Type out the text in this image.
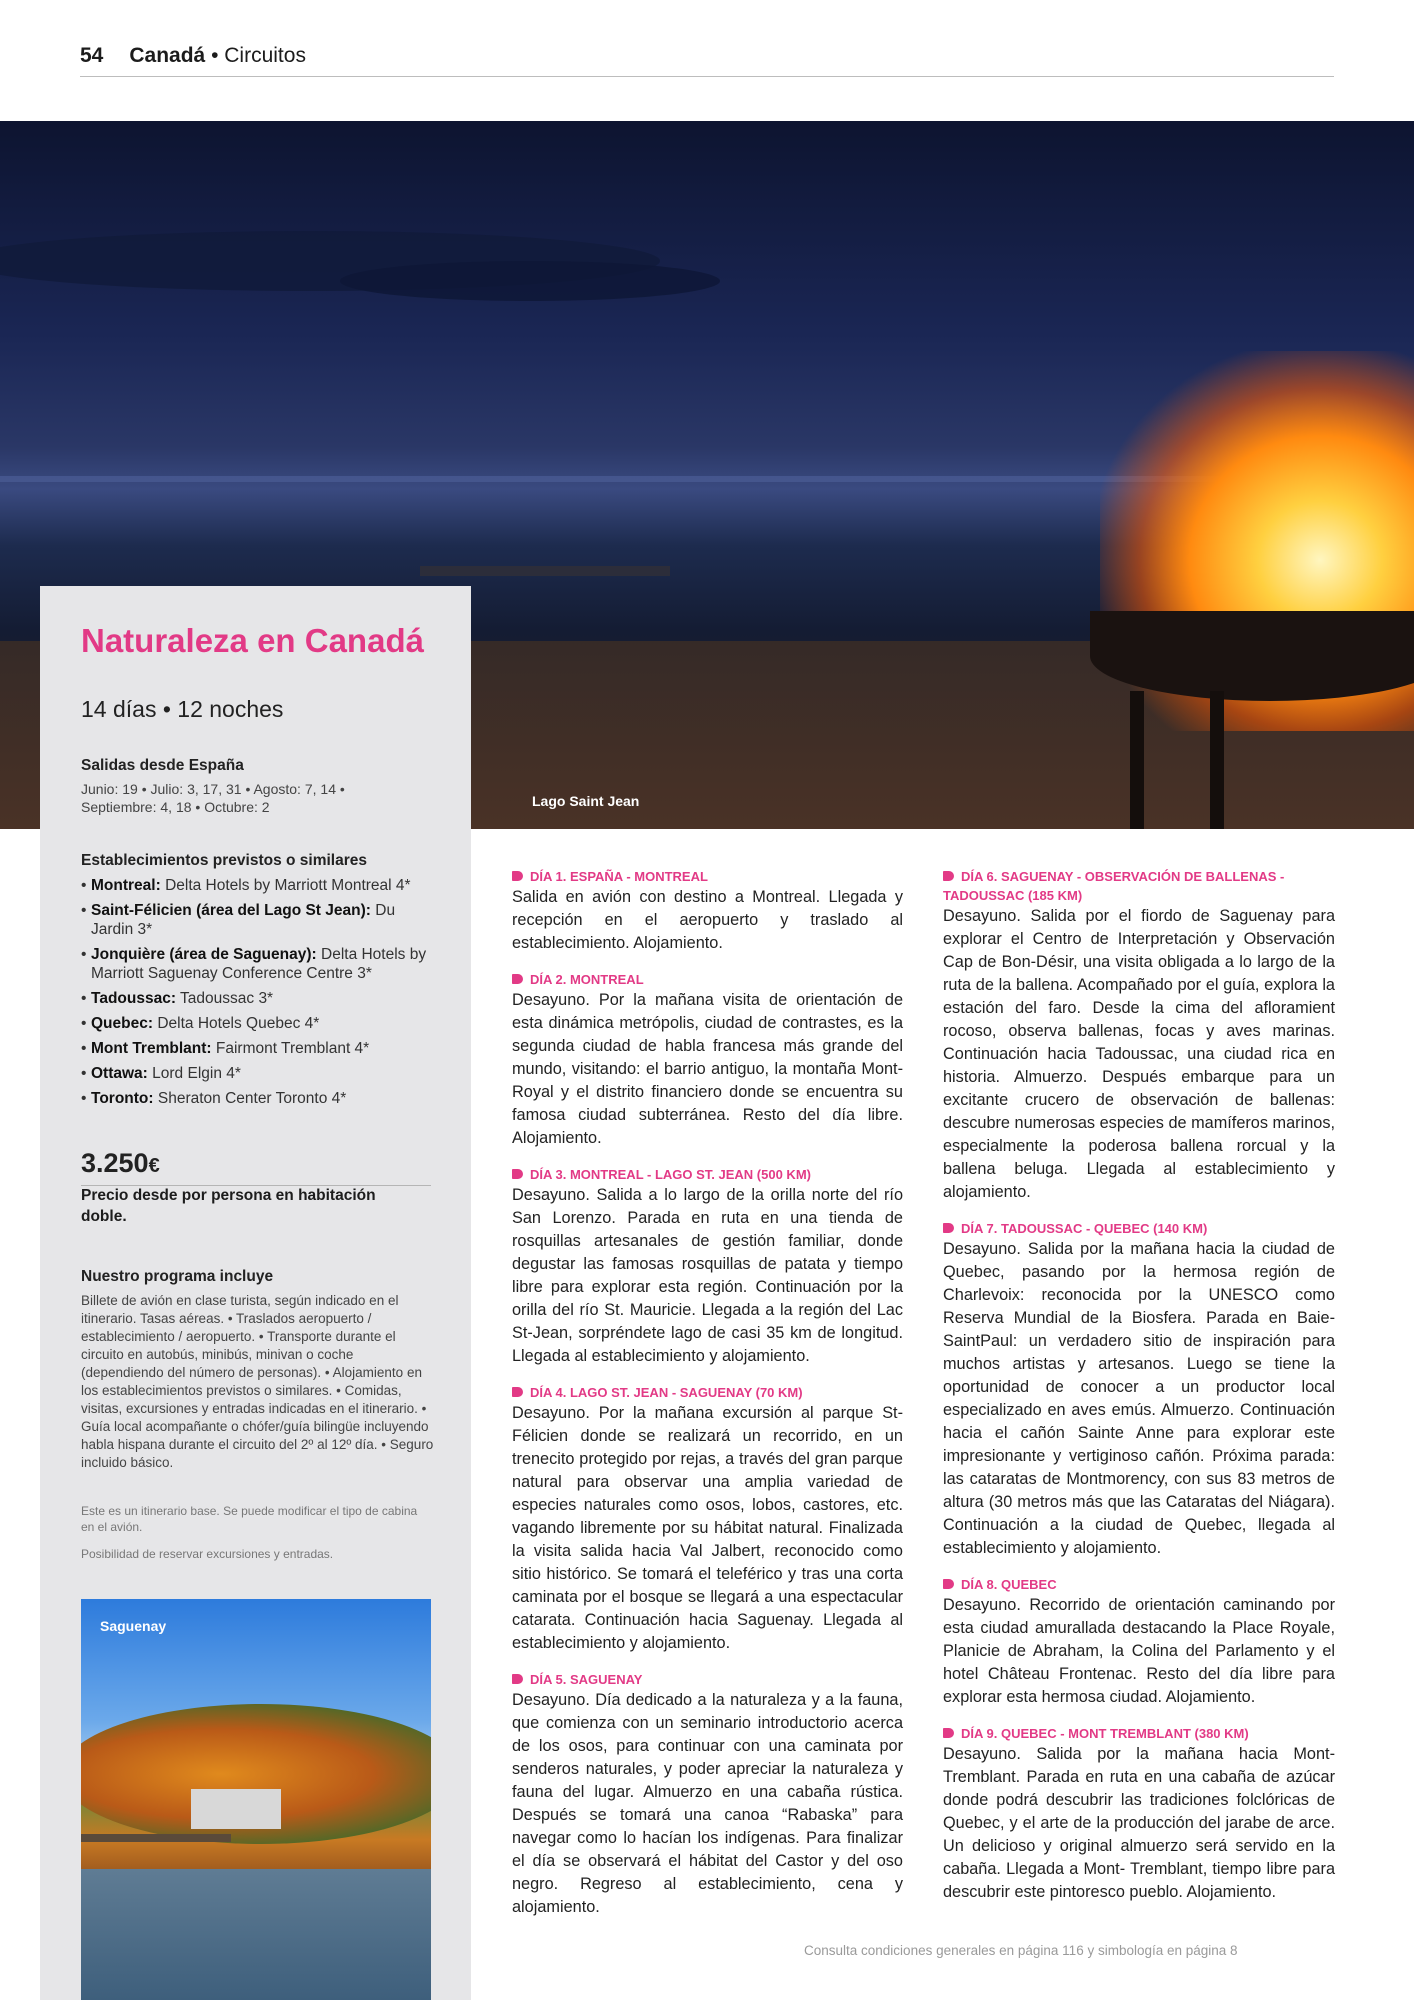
54 Canadá • Circuitos
Lago Saint Jean
Naturaleza en Canadá
14 días • 12 noches
Salidas desde España
Junio: 19 • Julio: 3, 17, 31 • Agosto: 7, 14 • Septiembre: 4, 18 • Octubre: 2
Establecimientos previstos o similares
• Montreal: Delta Hotels by Marriott Montreal 4*
• Saint-Félicien (área del Lago St Jean): Du Jardin 3*
• Jonquière (área de Saguenay): Delta Hotels by Marriott Saguenay Conference Centre 3*
• Tadoussac: Tadoussac 3*
• Quebec: Delta Hotels Quebec 4*
• Mont Tremblant: Fairmont Tremblant 4*
• Ottawa: Lord Elgin 4*
• Toronto: Sheraton Center Toronto 4*
3.250€
Precio desde por persona en habitación doble.
Nuestro programa incluye
Billete de avión en clase turista, según indicado en el itinerario. Tasas aéreas. • Traslados aeropuerto / establecimiento / aeropuerto. • Transporte durante el circuito en autobús, minibús, minivan o coche (dependiendo del número de personas). • Alojamiento en los establecimientos previstos o similares. • Comidas, visitas, excursiones y entradas indicadas en el itinerario. • Guía local acompañante o chófer/guía bilingüe incluyendo habla hispana durante el circuito del 2º al 12º día. • Seguro incluido básico.
Este es un itinerario base. Se puede modificar el tipo de cabina en el avión.
Posibilidad de reservar excursiones y entradas.
Saguenay
DÍA 1. ESPAÑA - MONTREAL

Salida en avión con destino a Montreal. Llegada y recepción en el aeropuerto y traslado al establecimiento. Alojamiento.

DÍA 2. MONTREAL

Desayuno. Por la mañana visita de orientación de esta dinámica metrópolis, ciudad de contrastes, es la segunda ciudad de habla francesa más grande del mundo, visitando: el barrio antiguo, la montaña Mont-Royal y el distrito financiero donde se encuentra su famosa ciudad subterránea. Resto del día libre. Alojamiento.

DÍA 3. MONTREAL - LAGO ST. JEAN (500 KM)

Desayuno. Salida a lo largo de la orilla norte del río San Lorenzo. Parada en ruta en una tienda de rosquillas artesanales de gestión familiar, donde degustar las famosas rosquillas de patata y tiempo libre para explorar esta región. Continuación por la orilla del río St. Mauricie. Llegada a la región del Lac St-Jean, sorpréndete lago de casi 35 km de longitud. Llegada al establecimiento y alojamiento.

DÍA 4. LAGO ST. JEAN - SAGUENAY (70 KM)

Desayuno. Por la mañana excursión al parque St-Félicien donde se realizará un recorrido, en un trenecito protegido por rejas, a través del gran parque natural para observar una amplia variedad de especies naturales como osos, lobos, castores, etc. vagando libremente por su hábitat natural. Finalizada la visita salida hacia Val Jalbert, reconocido como sitio histórico. Se tomará el teleférico y tras una corta caminata por el bosque se llegará a una espectacular catarata. Continuación hacia Saguenay. Llegada al establecimiento y alojamiento.

DÍA 5. SAGUENAY

Desayuno. Día dedicado a la naturaleza y a la fauna, que comienza con un seminario introductorio acerca de los osos, para continuar con una caminata por senderos naturales, y poder apreciar la naturaleza y fauna del lugar. Almuerzo en una cabaña rústica. Después se tomará una canoa “Rabaska” para navegar como lo hacían los indígenas. Para finalizar el día se observará el hábitat del Castor y del oso negro. Regreso al establecimiento, cena y alojamiento.

DÍA 6. SAGUENAY - OBSERVACIÓN DE BALLENAS - TADOUSSAC (185 KM)

Desayuno. Salida por el fiordo de Saguenay para explorar el Centro de Interpretación y Observación Cap de Bon-Désir, una visita obligada a lo largo de la ruta de la ballena. Acompañado por el guía, explora la estación del faro. Desde la cima del afloramient rocoso, observa ballenas, focas y aves marinas. Continuación hacia Tadoussac, una ciudad rica en historia. Almuerzo. Después embarque para un excitante crucero de observación de ballenas: descubre numerosas especies de mamíferos marinos, especialmente la poderosa ballena rorcual y la ballena beluga. Llegada al establecimiento y alojamiento.

DÍA 7. TADOUSSAC - QUEBEC (140 KM)

Desayuno. Salida por la mañana hacia la ciudad de Quebec, pasando por la hermosa región de Charlevoix: reconocida por la UNESCO como Reserva Mundial de la Biosfera. Parada en Baie-SaintPaul: un verdadero sitio de inspiración para muchos artistas y artesanos. Luego se tiene la oportunidad de conocer a un productor local especializado en aves emús. Almuerzo. Continuación hacia el cañón Sainte Anne para explorar este impresionante y vertiginoso cañón. Próxima parada: las cataratas de Montmorency, con sus 83 metros de altura (30 metros más que las Cataratas del Niágara). Continuación a la ciudad de Quebec, llegada al establecimiento y alojamiento.

DÍA 8. QUEBEC

Desayuno. Recorrido de orientación caminando por esta ciudad amurallada destacando la Place Royale, Planicie de Abraham, la Colina del Parlamento y el hotel Château Frontenac. Resto del día libre para explorar esta hermosa ciudad. Alojamiento.

DÍA 9. QUEBEC - MONT TREMBLANT (380 KM)

Desayuno. Salida por la mañana hacia Mont-Tremblant. Parada en ruta en una cabaña de azúcar donde podrá descubrir las tradiciones folclóricas de Quebec, y el arte de la producción del jarabe de arce. Un delicioso y original almuerzo será servido en la cabaña. Llegada a Mont- Tremblant, tiempo libre para descubrir este pintoresco pueblo. Alojamiento.

Consulta condiciones generales en página 116 y simbología en página 8
